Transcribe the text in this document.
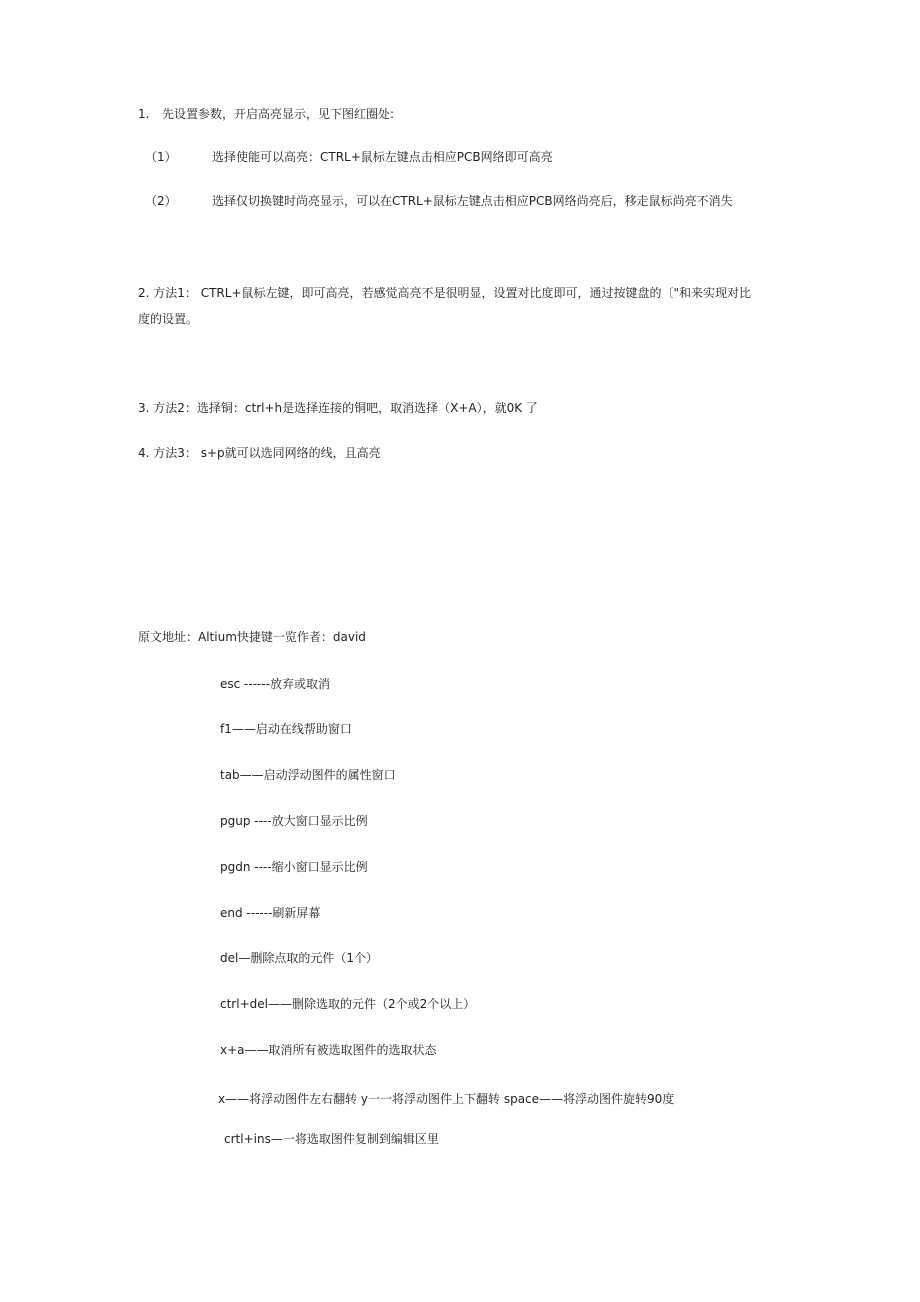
1. 先设置参数，开启高亮显示，见下图红圈处:
（1）	选择使能可以高亮：CTRL+鼠标左键点击相应PCB网络即可高亮
（2）	选择仅切换键时尚亮显示，可以在CTRL+鼠标左键点击相应PCB网络尚亮后，移走鼠标尚亮不消失
2. 方法1： CTRL+鼠标左键，即可高亮，若感觉高亮不是很明显，设置对比度即可，通过按键盘的〔"和来实现对比
度的设置。
3. 方法2：选择铜：ctrl+h是选择连接的铜吧，取消选择（X+A），就0K 了
4. 方法3： s+p就可以选同网络的线，且高亮
原文地址：Altium快捷键一览作者：david
esc ------放弃或取消
f1——启动在线帮助窗口
tab——启动浮动图件的属性窗口
pgup ----放大窗口显示比例
pgdn ----缩小窗口显示比例
end ------刷新屏幕
del—删除点取的元件（1个）
ctrl+del——删除选取的元件（2个或2个以上）
x+a——取消所有被选取图件的选取状态
x——将浮动图件左右翻转 y一一将浮动图件上下翻转 space——将浮动图件旋转90度
crtl+ins—一将选取图件复制到编辑区里
